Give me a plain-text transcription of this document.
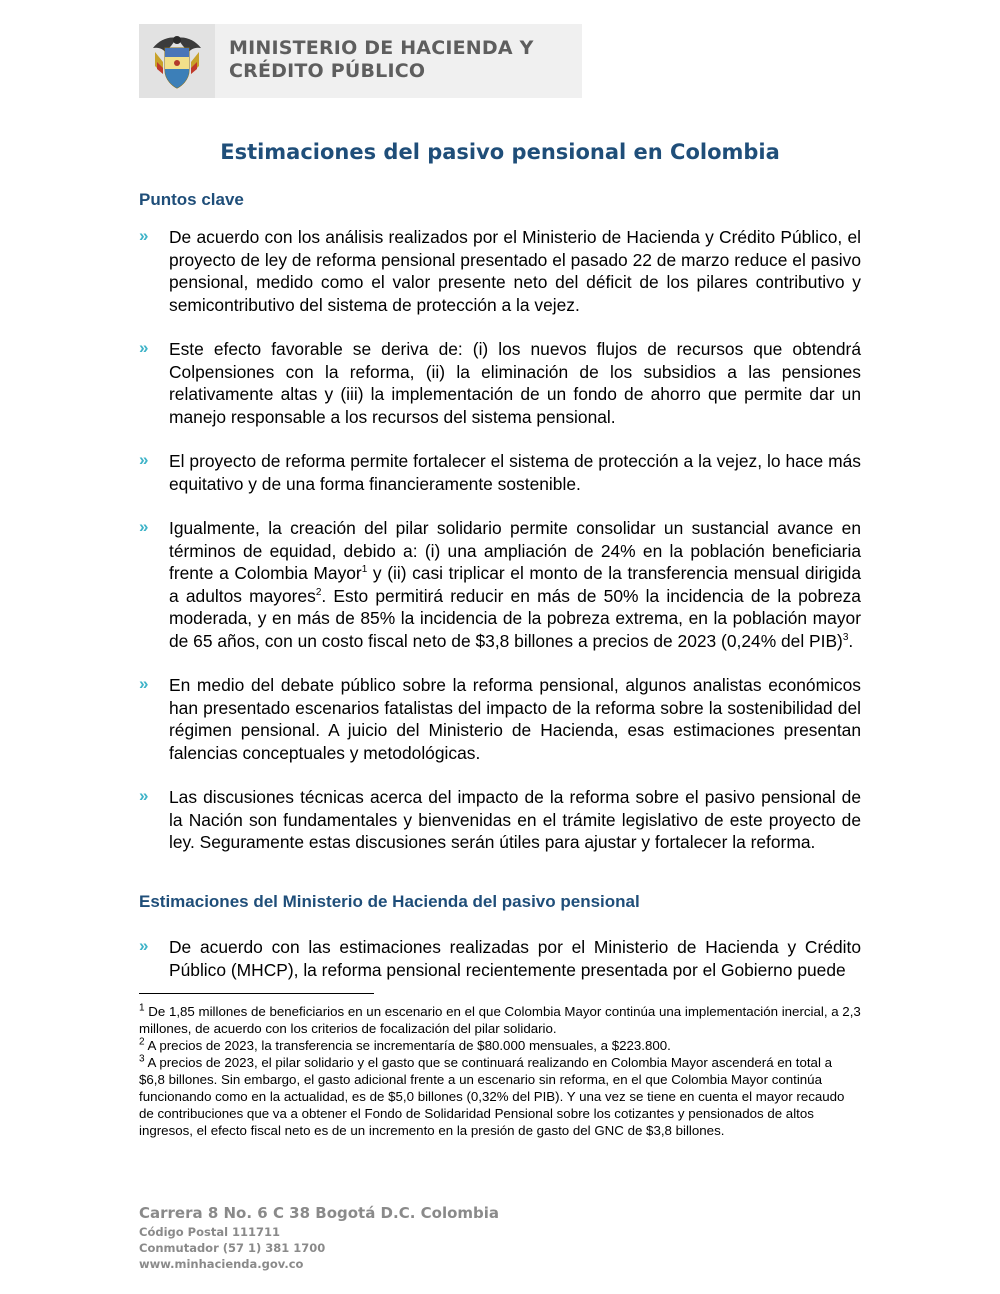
MINISTERIO DE HACIENDA Y
CRÉDITO PÚBLICO
Estimaciones del pasivo pensional en Colombia
Puntos clave
» De acuerdo con los análisis realizados por el Ministerio de Hacienda y Crédito Público, el proyecto de ley de reforma pensional presentado el pasado 22 de marzo reduce el pasivo pensional, medido como el valor presente neto del déficit de los pilares contributivo y semicontributivo del sistema de protección a la vejez.

» Este efecto favorable se deriva de: (i) los nuevos flujos de recursos que obtendrá Colpensiones con la reforma, (ii) la eliminación de los subsidios a las pensiones relativamente altas y (iii) la implementación de un fondo de ahorro que permite dar un manejo responsable a los recursos del sistema pensional.

» El proyecto de reforma permite fortalecer el sistema de protección a la vejez, lo hace más equitativo y de una forma financieramente sostenible.

» Igualmente, la creación del pilar solidario permite consolidar un sustancial avance en términos de equidad, debido a: (i) una ampliación de 24% en la población beneficiaria frente a Colombia Mayor$^1$ y (ii) casi triplicar el monto de la transferencia mensual dirigida a adultos mayores$^2$. Esto permitirá reducir en más de 50% la incidencia de la pobreza moderada, y en más de 85% la incidencia de la pobreza extrema, en la población mayor de 65 años, con un costo fiscal neto de $3,8 billones a precios de 2023 (0,24% del PIB)$^3$.

» En medio del debate público sobre la reforma pensional, algunos analistas económicos han presentado escenarios fatalistas del impacto de la reforma sobre la sostenibilidad del régimen pensional. A juicio del Ministerio de Hacienda, esas estimaciones presentan falencias conceptuales y metodológicas.

» Las discusiones técnicas acerca del impacto de la reforma sobre el pasivo pensional de la Nación son fundamentales y bienvenidas en el trámite legislativo de este proyecto de ley. Seguramente estas discusiones serán útiles para ajustar y fortalecer la reforma.

Estimaciones del Ministerio de Hacienda del pasivo pensional
» De acuerdo con las estimaciones realizadas por el Ministerio de Hacienda y Crédito Público (MHCP), la reforma pensional recientemente presentada por el Gobierno puede

$^1$ De 1,85 millones de beneficiarios en un escenario en el que Colombia Mayor continúa una implementación inercial, a 2,3 millones, de acuerdo con los criterios de focalización del pilar solidario.

$^2$ A precios de 2023, la transferencia se incrementaría de $80.000 mensuales, a $223.800.

$^3$ A precios de 2023, el pilar solidario y el gasto que se continuará realizando en Colombia Mayor ascenderá en total a $6,8 billones. Sin embargo, el gasto adicional frente a un escenario sin reforma, en el que Colombia Mayor continúa funcionando como en la actualidad, es de $5,0 billones (0,32% del PIB). Y una vez se tiene en cuenta el mayor recaudo de contribuciones que va a obtener el Fondo de Solidaridad Pensional sobre los cotizantes y pensionados de altos ingresos, el efecto fiscal neto es de un incremento en la presión de gasto del GNC de $3,8 billones.

Carrera 8 No. 6 C 38 Bogotá D.C. Colombia

Código Postal 111711

Conmutador (57 1) 381 1700

www.minhacienda.gov.co
